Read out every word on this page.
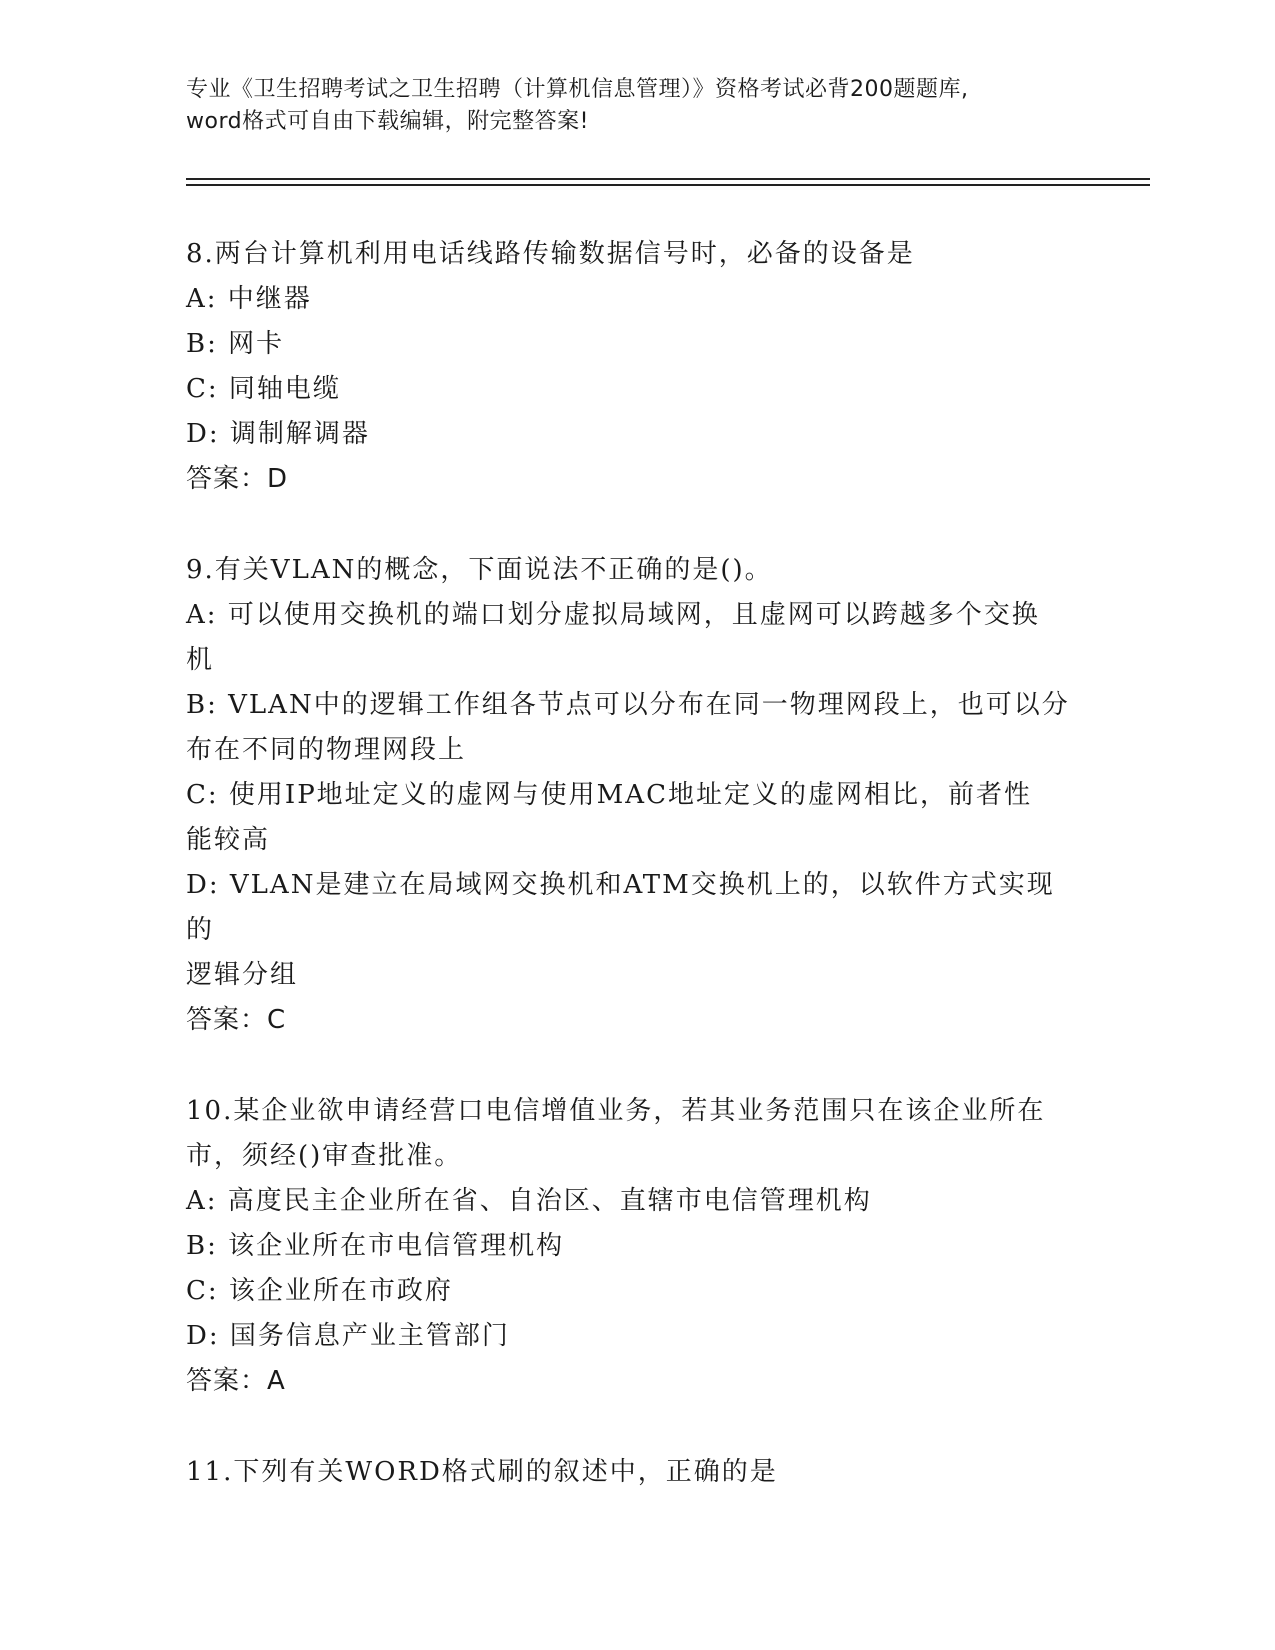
专业《卫生招聘考试之卫生招聘（计算机信息管理）》资格考试必背200题题库,
word格式可自由下载编辑，附完整答案!
8.两台计算机利用电话线路传输数据信号时，必备的设备是
A: 中继器
B: 网卡
C: 同轴电缆
D: 调制解调器
答案：D
9.有关VLAN的概念，下面说法不正确的是()。
A: 可以使用交换机的端口划分虚拟局域网，且虚网可以跨越多个交换
机
B: VLAN中的逻辑工作组各节点可以分布在同一物理网段上，也可以分
布在不同的物理网段上
C: 使用IP地址定义的虚网与使用MAC地址定义的虚网相比，前者性
能较高
D: VLAN是建立在局域网交换机和ATM交换机上的，以软件方式实现的
逻辑分组
答案：C
10.某企业欲申请经营口电信增值业务，若其业务范围只在该企业所在
市，须经()审查批准。
A: 高度民主企业所在省、自治区、直辖市电信管理机构
B: 该企业所在市电信管理机构
C: 该企业所在市政府
D: 国务信息产业主管部门
答案：A
11.下列有关WORD格式刷的叙述中，正确的是
